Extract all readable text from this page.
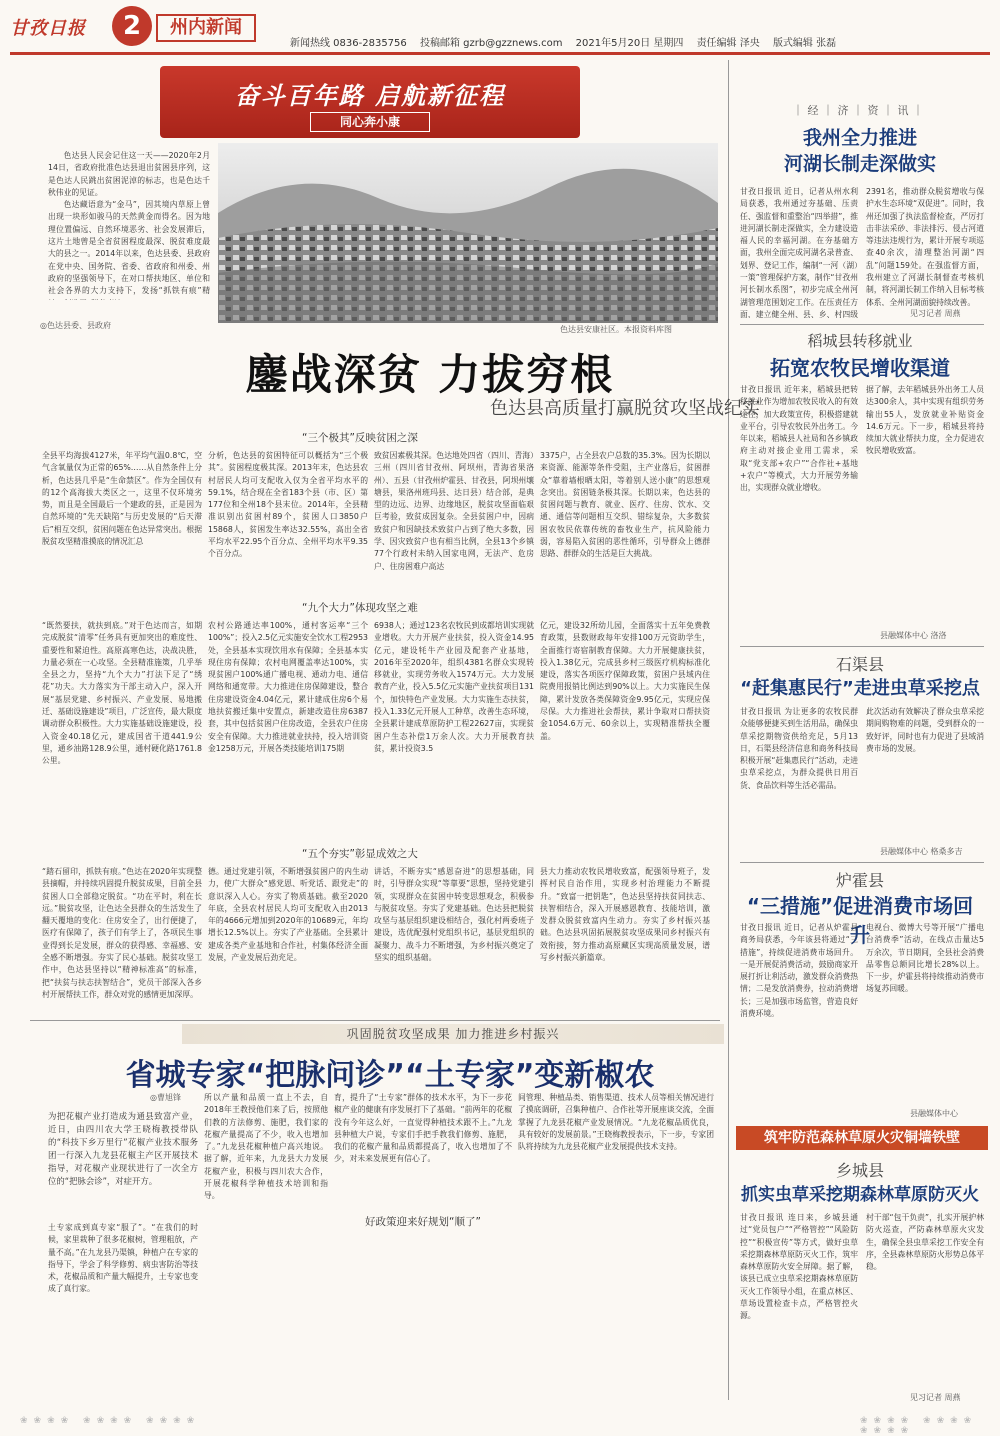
甘孜日报	2	州内新闻
新闻热线 0836-2835756 投稿邮箱 gzrb@gzznews.com 2021年5月20日 星期四 责任编辑 泽央 版式编辑 张磊
奋斗百年路 启航新征程
同心奔小康

色达县人民会记住这一天——2020年2月14日，省政府批准色达县退出贫困县序列，这是色达人民跳出贫困泥淖的标志，也是色达千秋伟业的见证。

色达藏语意为“金马”，因其境内草原上曾出现一块形如骏马的天然黄金而得名。因为地理位置偏远、自然环境恶劣、社会发展滞后，这片土地曾是全省贫困程度最深、脱贫难度最大的县之一。2014年以来，色达县委、县政府在党中央、国务院、省委、省政府和州委、州政府的坚强领导下，在对口帮扶地区、单位和社会各界的大力支持下，发扬“抓铁有痕”精

◎色达县委、县政府	色达县安康社区。本报资料库图
鏖战深贫 力拔穷根
色达县高质量打赢脱贫攻坚战纪实
“三个极其”反映贫困之深
全县平均海拔4127米，年平均气温0.8℃，空气含氧量仅为正常的65%……从自然条件上分析，色达县几乎是“生命禁区”。作为全国仅有的12个高海拔大类区之一，这里不仅环境劣势，而且是全国最后一个建政的县，正是因为自然环境的“先天缺陷”与历史发展的“后天滞后”相互交织，贫困问题在色达异常突出。根据脱贫攻坚精准摸底的情况汇总
分析，色达县的贫困特征可以概括为“三个极其”。贫困程度极其深。2013年末，色达县农村居民人均可支配收入仅为全省平均水平的59.1%，结合现在全省183个县（市、区）第177位和全州18个县末位。2014年，全县精准识别出贫困村89个，贫困人口3850户15868人，贫困发生率达32.55%，高出全省平均水平22.95个百分点、全州平均水平9.35个百分点。
致贫因素极其深。色达地处四省（四川、青海）三州（四川省甘孜州、阿坝州，青海省果洛州）、五县（甘孜州炉霍县、甘孜县，阿坝州壤塘县，果洛州班玛县、达日县）结合部，是典型的边远、边界、边缘地区，脱贫攻坚面临艰巨考验，致贫成因复杂。全县贫困户中，因病致贫户和因缺技术致贫户占到了绝大多数，因学、因灾致贫户也有相当比例，全县13个乡镇77个行政村未纳入国家电网，无法产、危房户、住房困难户高达
3375户，占全县农户总数的35.3%。因为长期以来资源、能源等条件受阻，主产业落后，贫困群众“靠着墙根晒太阳，等着别人送小康”的思想观念突出。贫困链条极其深。长期以来，色达县的贫困问题与教育、就业、医疗、住房、饮水、交通、通信等问题相互交织、错综复杂，大多数贫困农牧民依靠传统的畜牧业生产，抗风险能力弱，容易陷入贫困的恶性循环，引导群众上德群思路、群群众的生活是巨大挑战。
“九个大力”体现攻坚之难
“既然要扶，就扶到底。”对于色达而言，如期完成脱贫“清零”任务具有更加突出的难度性、重要性和紧迫性。高原高寒色达，决战决胜，力量必须在一心攻坚。全县精准施策，几乎举全县之力，坚持“九个大力”打法下足了“绣花”功夫。大力落实为干部主动入户，深入开展“基层党建、乡村振兴、产业发展、易地搬迁、基础设施建设”项目，广泛宣传，最大限度调动群众积极性。大力实施基础设施建设，投入资金40.18亿元，建成国省干道441.9公里，通乡油路128.9公里，通村硬化路1761.8公里。
农村公路通达率100%，通村客运率“三个100%”；投入2.5亿元实施安全饮水工程2953处，全县基本实现饮用水有保障；全县基本实现住房有保障；农村电网覆盖率达100%，实现贫困户100%通广播电视、通动力电、通信网络和通宽带。大力推进住房保障建设，整合住房建设资金4.04亿元，累计建成住房6个易地扶贫搬迁集中安置点，新建改造住房6387套，其中包括贫困户住房改造，全县农户住房安全有保障。大力推进就业扶持，投入培训资金1258万元，开展各类技能培训175期
6938人；通过123名农牧民到成都培训实现就业增收。大力开展产业扶贫，投入资金14.95亿元，建设牦牛产业园及配套产业基地，2016年至2020年，组织4381名群众实现转移就业，实现劳务收入1574万元。大力发展教育产业，投入5.5亿元实施产业扶贫项目131个，加快特色产业发展。大力实施生态扶贫，投入1.33亿元开展人工种草，改善生态环境，全县累计建成草原防护工程22627亩，实现贫困户生态补偿1万余人次。大力开展教育扶贫，累计投资3.5
亿元，建设32所幼儿园，全面落实十五年免费教育政策，县数财政每年安排100万元资助学生，全面推行寄宿制教育保障。大力开展健康扶贫，投入1.38亿元，完成县乡村三级医疗机构标准化建设，落实各项医疗保障政策，贫困户县域内住院费用报销比例达到90%以上。大力实施民生保障，累计发放各类保障资金9.95亿元，实现应保尽保。大力推进社会帮扶，累计争取对口帮扶资金1054.6万元、60余以上，实现精准帮扶全覆盖。
“五个夯实”彰显成效之大
“踏石留印，抓铁有痕。”色达在2020年实现整县摘帽，并持续巩固提升脱贫成果，目前全县贫困人口全部稳定脱贫。“功在平时，利在长远。”脱贫攻坚，让色达全县群众的生活发生了翻天覆地的变化：住房安全了，出行便捷了，医疗有保障了，孩子们有学上了，各项民生事业得到长足发展，群众的获得感、幸福感、安全感不断增强。夯实了民心基础。脱贫攻坚工作中，色达县坚持以“精神标准高”的标准，把“扶贫与扶志扶智结合”，党员干部深入各乡村开展帮扶工作，群众对党的感情更加深厚。
德。通过党建引领，不断增强贫困户的内生动力，使广大群众“感党恩、听党话、跟党走”的意识深入人心。夯实了物质基础。截至2020年底，全县农村居民人均可支配收入由2013年的4666元增加到2020年的10689元，年均增长12.5%以上。夯实了产业基础。全县累计建成各类产业基地和合作社，村集体经济全面发展，产业发展后劲充足。
讲话，不断夯实“感恩奋进”的思想基础，同时，引导群众实现“等靠要”思想，坚持党建引领，实现群众在贫困中转变思想观念，积极参与脱贫攻坚。夯实了党建基础。色达县把脱贫攻坚与基层组织建设相结合，强化村两委班子建设，选优配强村党组织书记，基层党组织的凝聚力、战斗力不断增强，为乡村振兴奠定了坚实的组织基础。
县大力推动农牧民增收致富，配强领导班子，发挥村民自治作用，实现乡村治理能力不断提升。“致富一把钥匙”，色达县坚持扶贫同扶志、扶智相结合，深入开展感恩教育、技能培训，激发群众脱贫致富内生动力。夯实了乡村振兴基础。色达县巩固拓展脱贫攻坚成果同乡村振兴有效衔接，努力推动高原藏区实现高质量发展，谱写乡村振兴新篇章。
｜经｜济｜资｜讯｜
我州全力推进
河湖长制走深做实
甘孜日报讯 近日，记者从州水利局获悉，我州通过夯基础、压责任、强监督和重整治“四举措”，推进河湖长制走深做实，全力建设造福人民的幸福河湖。在夯基础方面，我州全面完成河湖名录普查、划界、登记工作，编制“一河（湖）一策”管理保护方案，制作“甘孜州河长制水系图”，初步完成全州河湖管理范围划定工作。在压责任方面，建立健全州、县、乡、村四级
2391名，推动群众脱贫增收与保护水生态环境“双促进”。同时，我州还加强了执法监督检查，严厉打击非法采砂、非法排污、侵占河道等违法违规行为，累计开展专项巡查40余次，清理整治河湖“四乱”问题159处。在强监督方面，我州建立了河湖长制督查考核机制，将河湖长制工作纳入目标考核体系，全州河湖面貌持续改善。
见习记者 周燕
稻城县转移就业
拓宽农牧民增收渠道
甘孜日报讯 近年来，稻城县把转移就业作为增加农牧民收入的有效途径，加大政策宣传，积极搭建就业平台，引导农牧民外出务工。今年以来，稻城县人社局和各乡镇政府主动对接企业用工需求，采取“党支部+农户”“合作社+基地+农户”等模式，大力开展劳务输出，实现群众就业增收。
据了解，去年稻城县外出务工人员达300余人，其中实现有组织劳务输出55人，发放就业补贴资金14.6万元。下一步，稻城县将持续加大就业帮扶力度，全力促进农牧民增收致富。
县融媒体中心 洛洛
石渠县
“赶集惠民行”走进虫草采挖点
甘孜日报讯 为让更多的农牧民群众能够便捷买到生活用品，确保虫草采挖期物资供给充足，5月13日，石渠县经济信息和商务科技局积极开展“赶集惠民行”活动，走进虫草采挖点，为群众提供日用百货、食品饮料等生活必需品。
此次活动有效解决了群众虫草采挖期间购物难的问题，受到群众的一致好评，同时也有力促进了县域消费市场的发展。
县融媒体中心 格桑多吉
炉霍县
“三措施”促进消费市场回升
甘孜日报讯 近日，记者从炉霍县商务局获悉，今年该县将通过“三措施”，持续促进消费市场回升。一是开展促消费活动，鼓励商家开展打折让利活动，激发群众消费热情；二是发放消费券，拉动消费增长；三是加强市场监管，营造良好消费环境。
电视台、微博大号等开展“广播电台消费季”活动，在线点击量达5万余次，节日期间，全县社会消费品零售总额同比增长28%以上。下一步，炉霍县将持续推动消费市场复苏回暖。
县融媒体中心
筑牢防范森林草原火灾铜墙铁壁
乡城县
抓实虫草采挖期森林草原防灭火
甘孜日报讯 连日来，乡城县通过“党员包户”“严格管控”“风险防控”“积极宣传”等方式，做好虫草采挖期森林草原防灭火工作，筑牢森林草原防火安全屏障。据了解，该县已成立虫草采挖期森林草原防灭火工作领导小组，在重点林区、草场设置检查卡点，严格管控火源。
村干部“包干负责”，扎实开展护林防火巡查，严防森林草原火灾发生，确保全县虫草采挖工作安全有序，全县森林草原防火形势总体平稳。
见习记者 周燕
巩固脱贫攻坚成果 加力推进乡村振兴
省城专家“把脉问诊”“土专家”变新椒农
◎曹旭锋
为把花椒产业打造成为通县致富产业，近日，由四川农大学王晓梅教授带队的“科技下乡万里行”花椒产业技术服务团一行深入九龙县花椒主产区开展技术指导，对花椒产业现状进行了一次全方位的“把脉会诊”，对症开方。
土专家成到真专家“服了”。“在我们的时候，家里栽种了很多花椒树，管理粗放，产量不高。”在九龙县乃渠镇，种植户在专家的指导下，学会了科学修剪、病虫害防治等技术，花椒品质和产量大幅提升，土专家也变成了真行家。
所以产量和品质一直上不去，自2018年王教授他们来了后，按照他们教的方法修剪、施肥，我们家的花椒产量提高了不少，收入也增加了。”九龙县花椒种植户高兴地说。据了解，近年来，九龙县大力发展花椒产业，积极与四川农大合作，开展花椒科学种植技术培训和指导。
育，提升了“土专家”群体的技术水平，为下一步花椒产业的健康有序发展打下了基础。“前两年的花椒没有今年这么好，一直觉得种植技术跟不上。”九龙县种植大户说，专家们手把手教我们修剪、施肥，我们的花椒产量和品质都提高了，收入也增加了不少，对未来发展更有信心了。
好政策迎来好规划“顺了”
间管理、种植品类、销售渠道、技术人员等相关情况进行了摸底调研，召集种植户、合作社等开展座谈交流，全面掌握了九龙县花椒产业发展情况。“九龙花椒品质优良，具有较好的发展前景。”王晓梅教授表示，下一步，专家团队将持续为九龙县花椒产业发展提供技术支持。
❀❀❀❀ ❀❀❀❀ ❀❀❀❀	❀❀❀❀ ❀❀❀❀ ❀❀❀❀
